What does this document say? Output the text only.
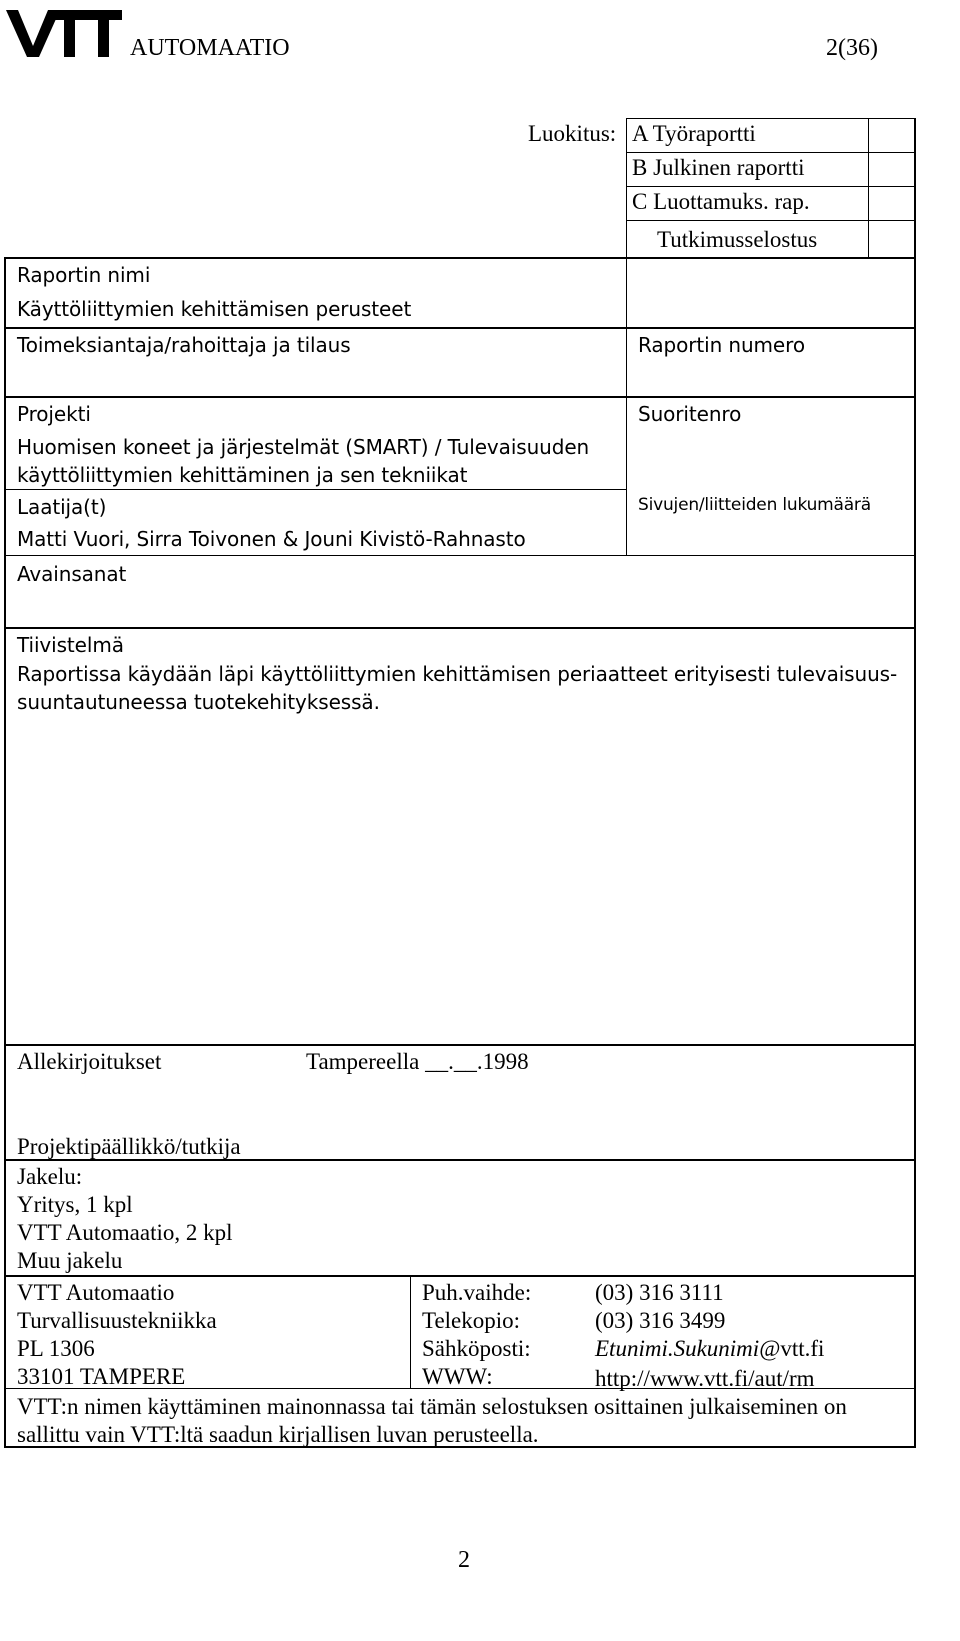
AUTOMAATIO	2(36)
Luokitus: A Työraportti
B Julkinen raportti
C Luottamuks. rap.
Tutkimusselostus
Raportin nimi
Käyttöliittymien kehittämisen perusteet
Toimeksiantaja/rahoittaja ja tilaus	Raportin numero
Projekti
Huomisen koneet ja järjestelmät (SMART) / Tulevaisuuden
käyttöliittymien kehittäminen ja sen tekniikat
Suoritenro
Laatija(t)
Matti Vuori, Sirra Toivonen & Jouni Kivistö-Rahnasto
Sivujen/liitteiden lukumäärä
Avainsanat
Tiivistelmä
Raportissa käydään läpi käyttöliittymien kehittämisen periaatteet erityisesti tulevaisuus-
suuntautuneessa tuotekehityksessä.
Allekirjoitukset	Tampereella __.__.1998
Projektipäällikkö/tutkija
Jakelu:
Yritys, 1 kpl
VTT Automaatio, 2 kpl
Muu jakelu
VTT Automaatio
Turvallisuustekniikka
PL 1306
33101 TAMPERE
Puh.vaihde:	(03) 316 3111
Telekopio:	(03) 316 3499
Sähköposti:	Etunimi.Sukunimi@vtt.fi
WWW:	http://www.vtt.fi/aut/rm
VTT:n nimen käyttäminen mainonnassa tai tämän selostuksen osittainen julkaiseminen on
sallittu vain VTT:ltä saadun kirjallisen luvan perusteella.
2
